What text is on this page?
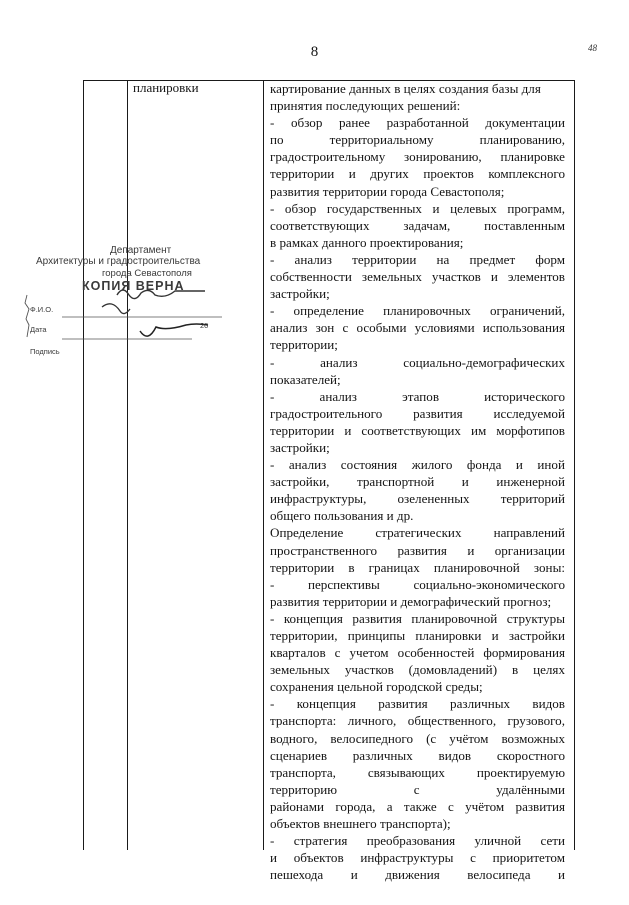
8	48
планировки	картирование данных в целях создания базы для
принятия последующих решений:
- обзор ранее разработанной документации
по территориальному планированию,
градостроительному зонированию, планировке
территории и других проектов комплексного
развития территории города Севастополя;
- обзор государственных и целевых программ,
соответствующих задачам, поставленным
в рамках данного проектирования;
- анализ территории на предмет форм
собственности земельных участков и элементов
застройки;
- определение планировочных ограничений,
анализ зон с особыми условиями использования
территории;
- анализ социально-демографических
показателей;
- анализ этапов исторического
градостроительного развития исследуемой
территории и соответствующих им морфотипов
застройки;
- анализ состояния жилого фонда и иной
застройки, транспортной и инженерной
инфраструктуры, озелененных территорий
общего пользования и др.
Определение стратегических направлений
пространственного развития и организации
территории в границах планировочной зоны:
- перспективы социально-экономического
развития территории и демографический прогноз;
- концепция развития планировочной структуры
территории, принципы планировки и застройки
кварталов с учетом особенностей формирования
земельных участков (домовладений) в целях
сохранения цельной городской среды;
- концепция развития различных видов
транспорта: личного, общественного, грузового,
водного, велосипедного (с учётом возможных
сценариев различных видов скоростного
транспорта, связывающих проектируемую
территорию с удалёнными
районами города, а также с учётом развития
объектов внешнего транспорта);
- стратегия преобразования уличной сети
и объектов инфраструктуры с приоритетом
пешехода и движения велосипеда и
Департамент
Архитектуры и градостроительства
города Севастополя
КОПИЯ ВЕРНА
Ф.И.О.
Дата	20
Подпись
